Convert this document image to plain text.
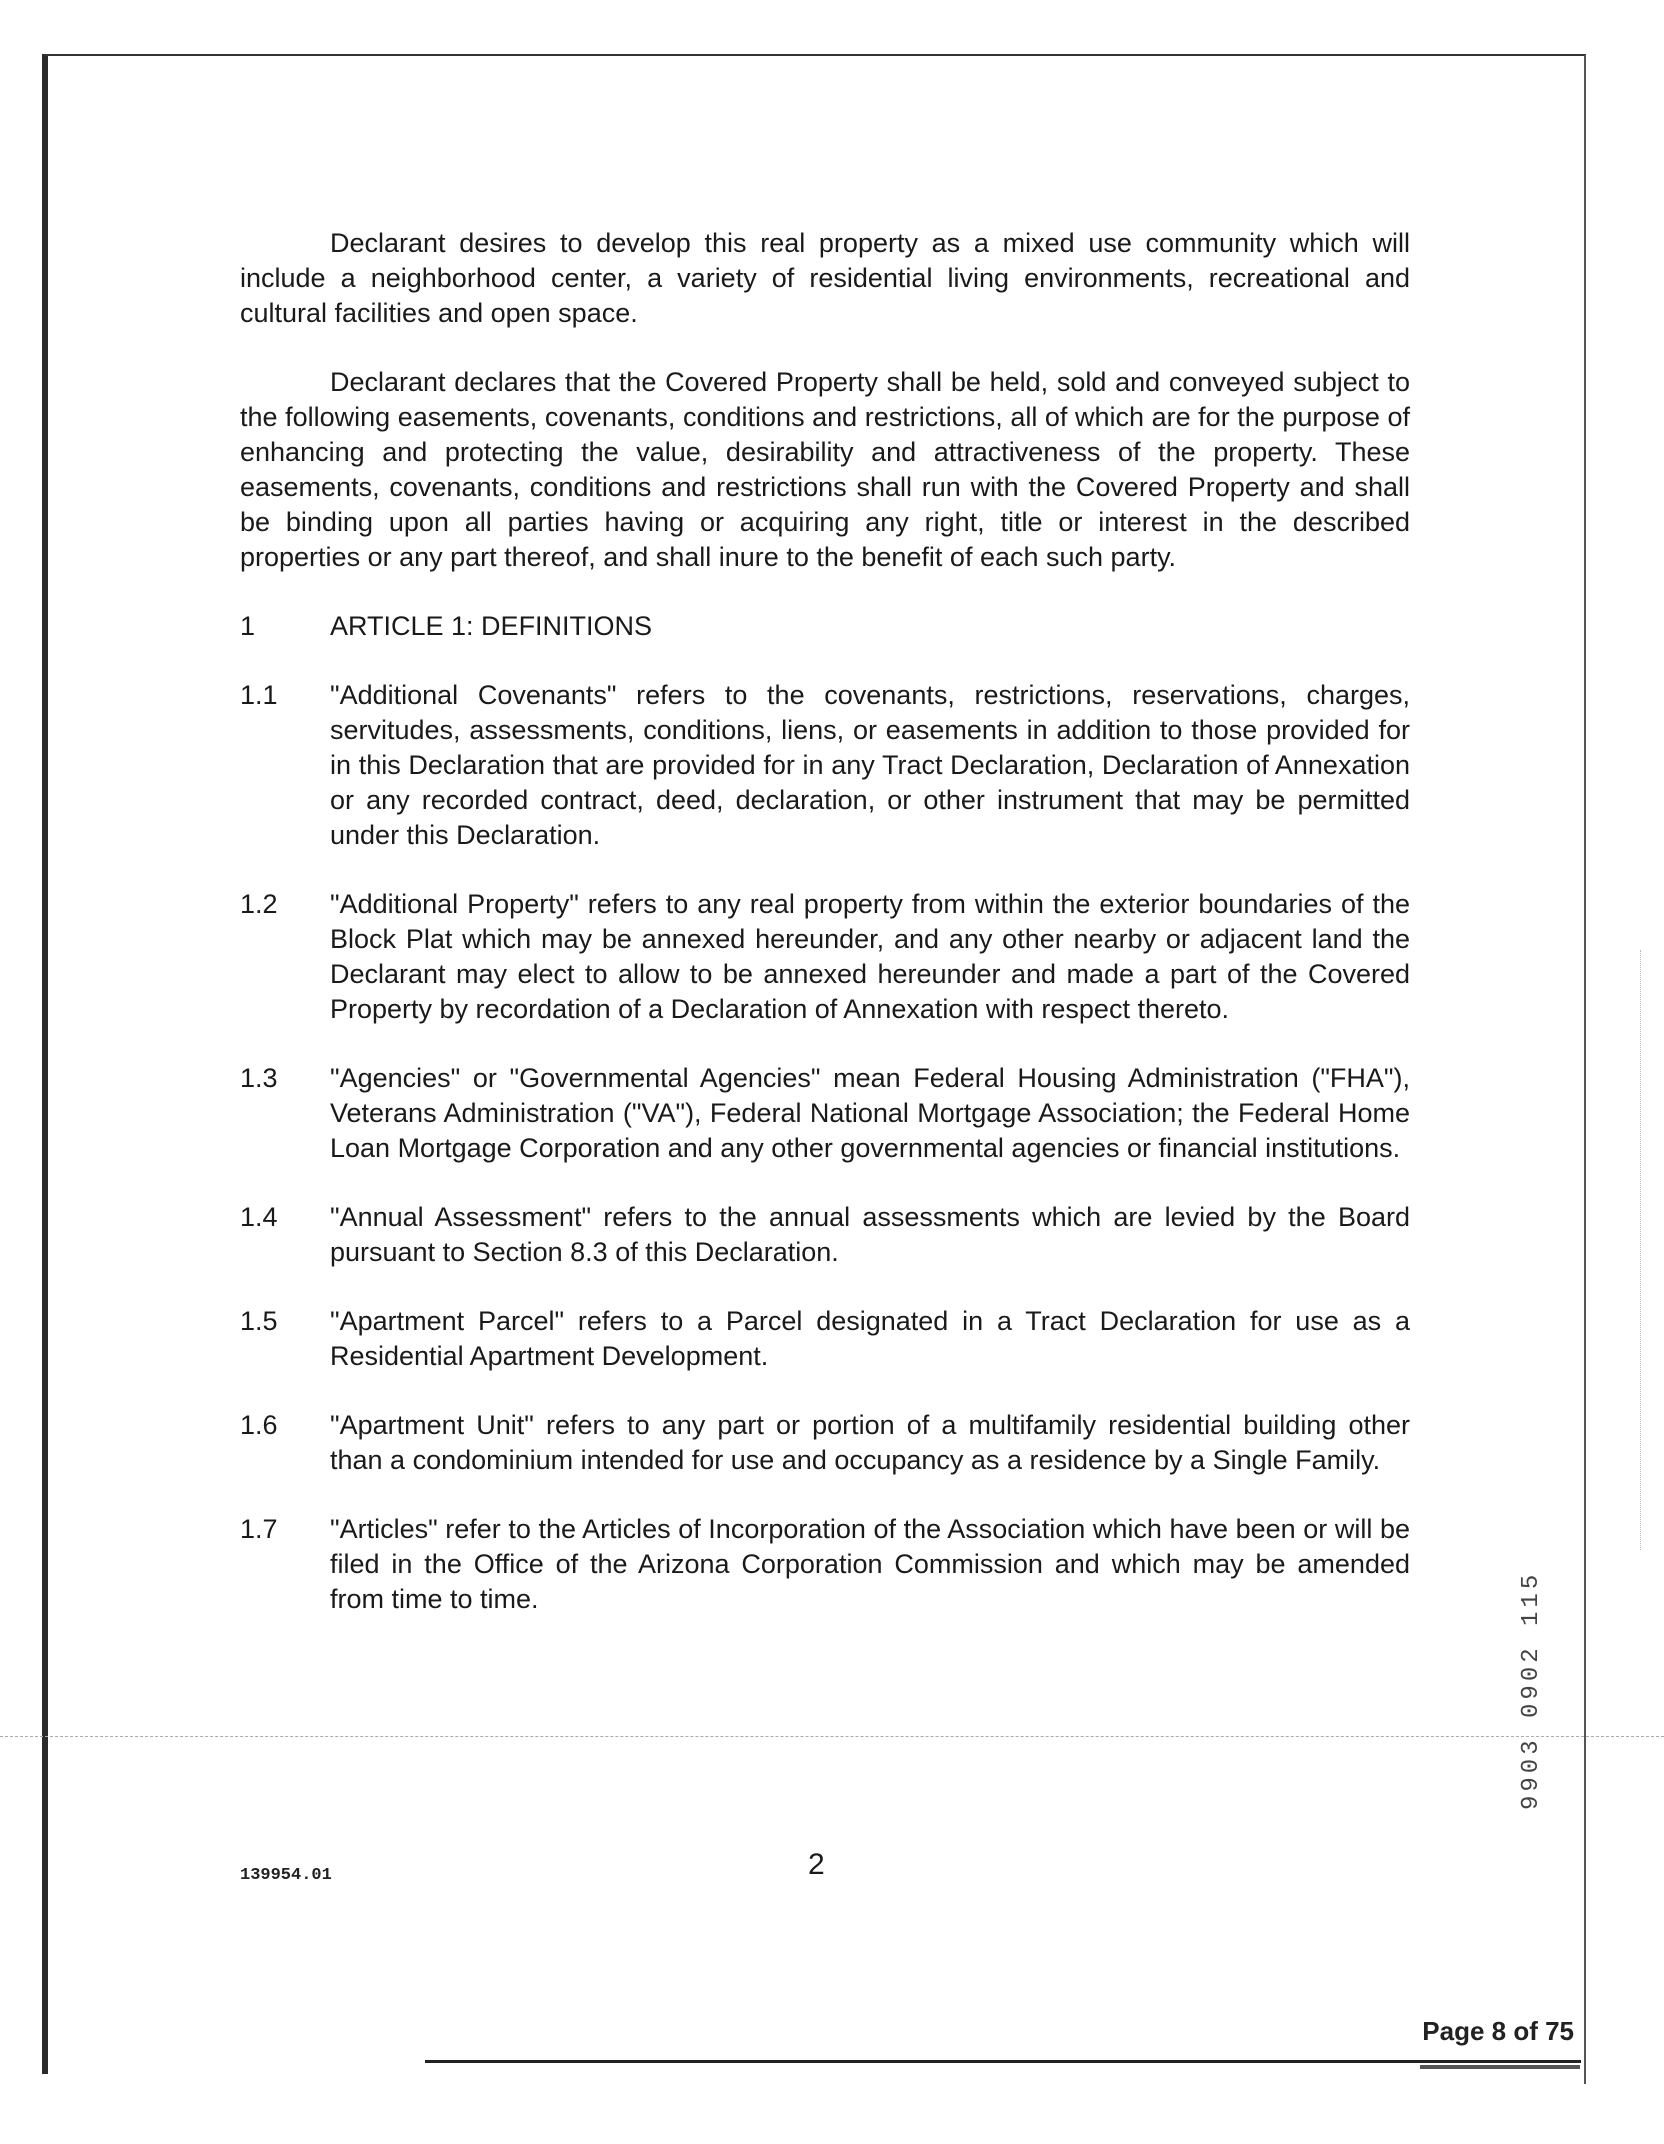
Declarant desires to develop this real property as a mixed use community which will include a neighborhood center, a variety of residential living environments, recreational and cultural facilities and open space.

Declarant declares that the Covered Property shall be held, sold and conveyed subject to the following easements, covenants, conditions and restrictions, all of which are for the purpose of enhancing and protecting the value, desirability and attractiveness of the property. These easements, covenants, conditions and restrictions shall run with the Covered Property and shall be binding upon all parties having or acquiring any right, title or interest in the described properties or any part thereof, and shall inure to the benefit of each such party.

1	ARTICLE 1: DEFINITIONS
1.1	"Additional Covenants" refers to the covenants, restrictions, reservations, charges, servitudes, assessments, conditions, liens, or easements in addition to those provided for in this Declaration that are provided for in any Tract Declaration, Declaration of Annexation or any recorded contract, deed, declaration, or other instrument that may be permitted under this Declaration.
1.2	"Additional Property" refers to any real property from within the exterior boundaries of the Block Plat which may be annexed hereunder, and any other nearby or adjacent land the Declarant may elect to allow to be annexed hereunder and made a part of the Covered Property by recordation of a Declaration of Annexation with respect thereto.
1.3	"Agencies" or "Governmental Agencies" mean Federal Housing Administration ("FHA"), Veterans Administration ("VA"), Federal National Mortgage Association; the Federal Home Loan Mortgage Corporation and any other governmental agencies or financial institutions.
1.4	"Annual Assessment" refers to the annual assessments which are levied by the Board pursuant to Section 8.3 of this Declaration.
1.5	"Apartment Parcel" refers to a Parcel designated in a Tract Declaration for use as a Residential Apartment Development.
1.6	"Apartment Unit" refers to any part or portion of a multifamily residential building other than a condominium intended for use and occupancy as a residence by a Single Family.
1.7	"Articles" refer to the Articles of Incorporation of the Association which have been or will be filed in the Office of the Arizona Corporation Commission and which may be amended from time to time.
139954.01	2
9903 0902 115
Page 8 of 75
